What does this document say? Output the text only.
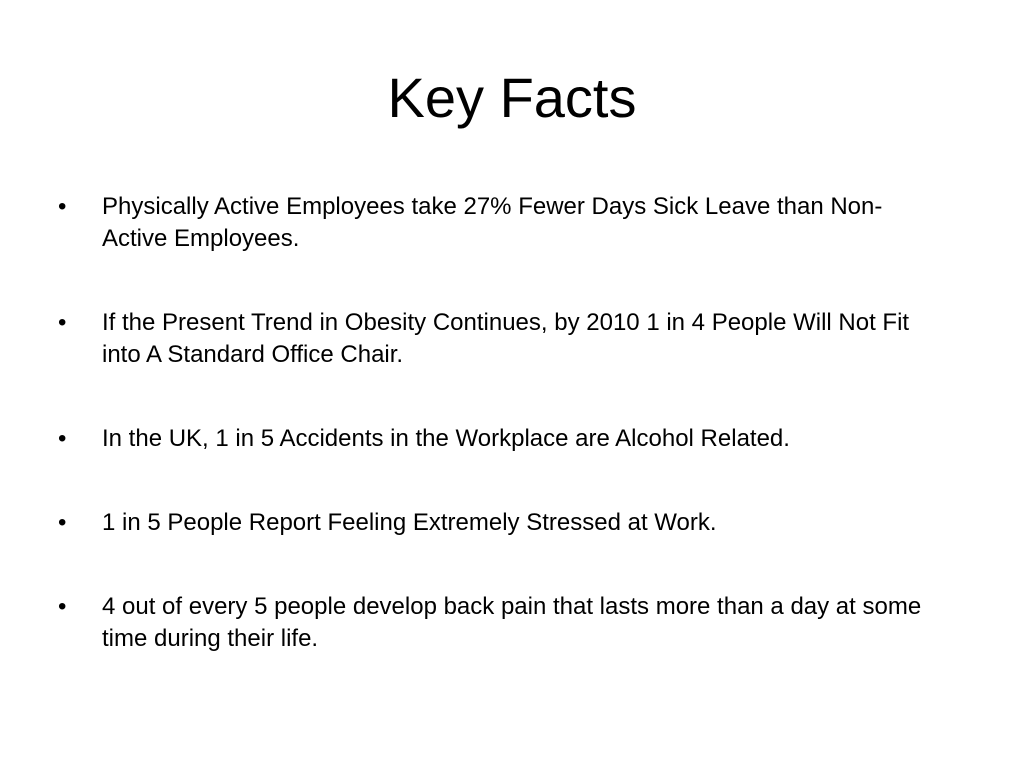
Key Facts
•	Physically Active Employees take 27% Fewer Days Sick Leave than Non-Active Employees.
•	If the Present Trend in Obesity Continues, by 2010 1 in 4 People Will Not Fit into A Standard Office Chair.
•	In the UK, 1 in 5 Accidents in the Workplace are Alcohol Related.
•	1 in 5 People Report Feeling Extremely Stressed at Work.
•	4 out of every 5 people develop back pain that lasts more than a day at some time during their life.
